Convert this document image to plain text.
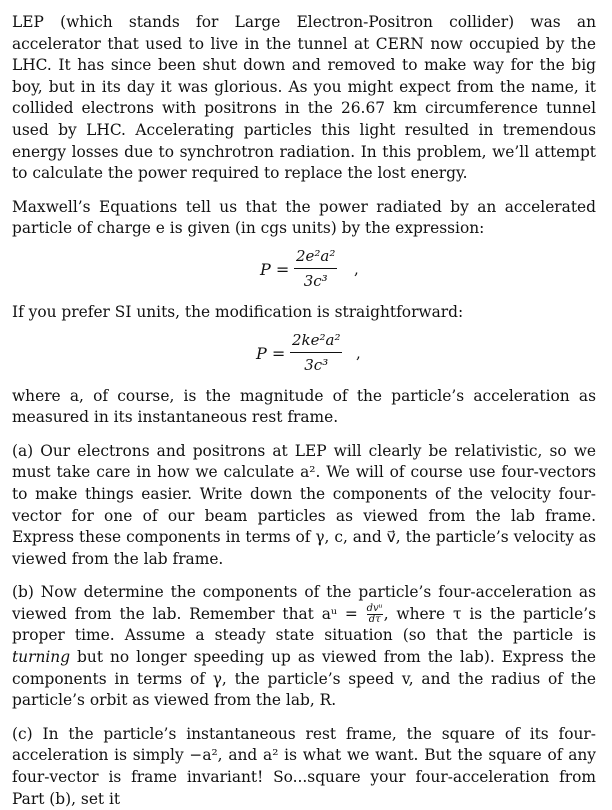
LEP (which stands for Large Electron-Positron collider) was an accelerator that used to live in the tunnel at CERN now occupied by the LHC. It has since been shut down and removed to make way for the big boy, but in its day it was glorious. As you might expect from the name, it collided electrons with positrons in the 26.67 km circumference tunnel used by LHC. Accelerating particles this light resulted in tremendous energy losses due to synchrotron radiation. In this problem, we’ll attempt to calculate the power required to replace the lost energy.

Maxwell’s Equations tell us that the power radiated by an accelerated particle of charge e is given (in cgs units) by the expression:

P =
2e²a²
3c³
,

If you prefer SI units, the modification is straightforward:

P =
2ke²a²
3c³
,

where a, of course, is the magnitude of the particle’s acceleration as measured in its instantaneous rest frame.

(a) Our electrons and positrons at LEP will clearly be relativistic, so we must take care in how we calculate a². We will of course use four-vectors to make things easier. Write down the components of the velocity four-vector for one of our beam particles as viewed from the lab frame. Express these components in terms of γ, c, and v⃗, the particle’s velocity as viewed from the lab frame.

(b) Now determine the components of the particle’s four-acceleration as viewed from the lab. Remember that aᵘ = dvᵘ
dτ , where τ is the particle’s proper time. Assume a steady state situation (so that the particle is turning but no longer speeding up as viewed from the lab). Express the components in terms of γ, the particle’s speed v, and the radius of the particle’s orbit as viewed from the lab, R.

(c) In the particle’s instantaneous rest frame, the square of its four-acceleration is simply −a², and a² is what we want. But the square of any four-vector is frame invariant! So...square your four-acceleration from Part (b), set it
